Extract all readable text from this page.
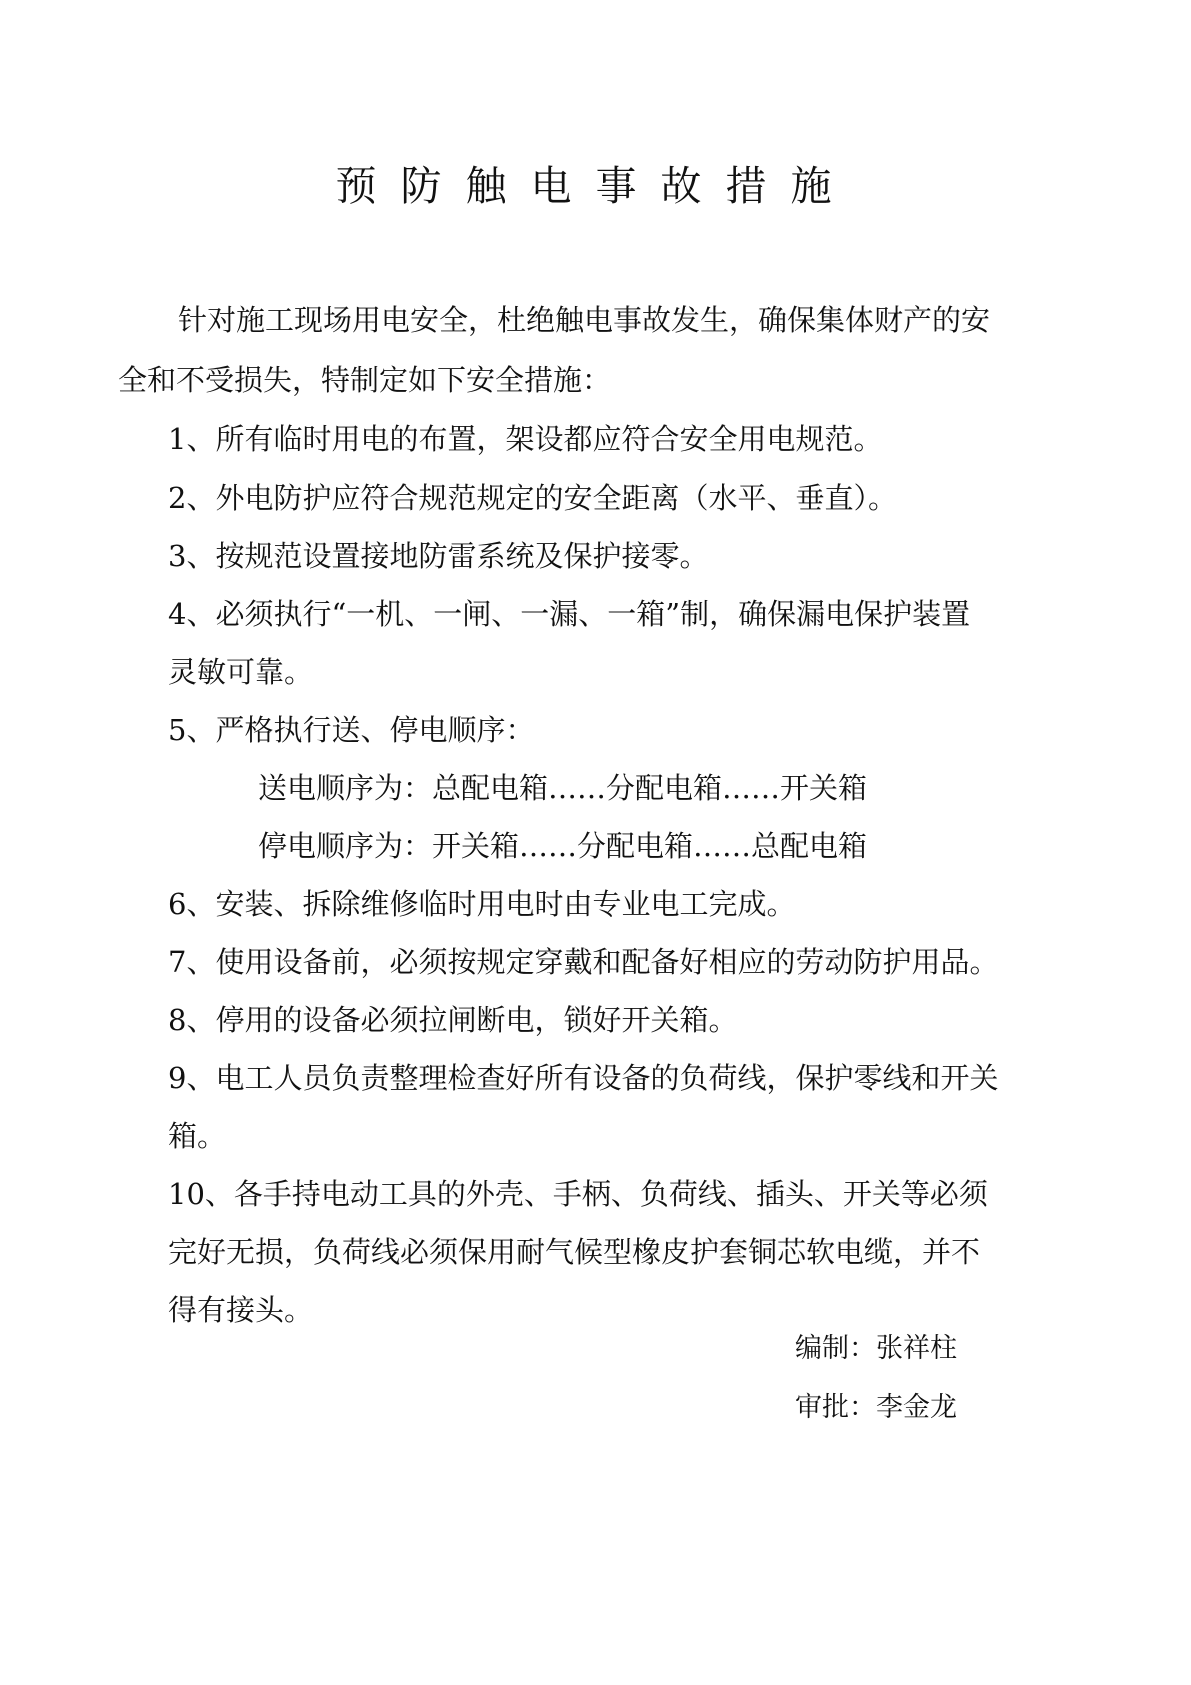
预防触电事故措施
针对施工现场用电安全，杜绝触电事故发生，确保集体财产的安
全和不受损失，特制定如下安全措施：
1、所有临时用电的布置，架设都应符合安全用电规范。
2、外电防护应符合规范规定的安全距离（水平、垂直）。
3、按规范设置接地防雷系统及保护接零。
4、必须执行“一机、一闸、一漏、一箱”制，确保漏电保护装置
灵敏可靠。
5、严格执行送、停电顺序：
送电顺序为：总配电箱……分配电箱……开关箱
停电顺序为：开关箱……分配电箱……总配电箱
6、安装、拆除维修临时用电时由专业电工完成。
7、使用设备前，必须按规定穿戴和配备好相应的劳动防护用品。
8、停用的设备必须拉闸断电，锁好开关箱。
9、电工人员负责整理检查好所有设备的负荷线，保护零线和开关
箱。
10、各手持电动工具的外壳、手柄、负荷线、插头、开关等必须
完好无损，负荷线必须保用耐气候型橡皮护套铜芯软电缆，并不
得有接头。
编制：张祥柱
审批：李金龙
